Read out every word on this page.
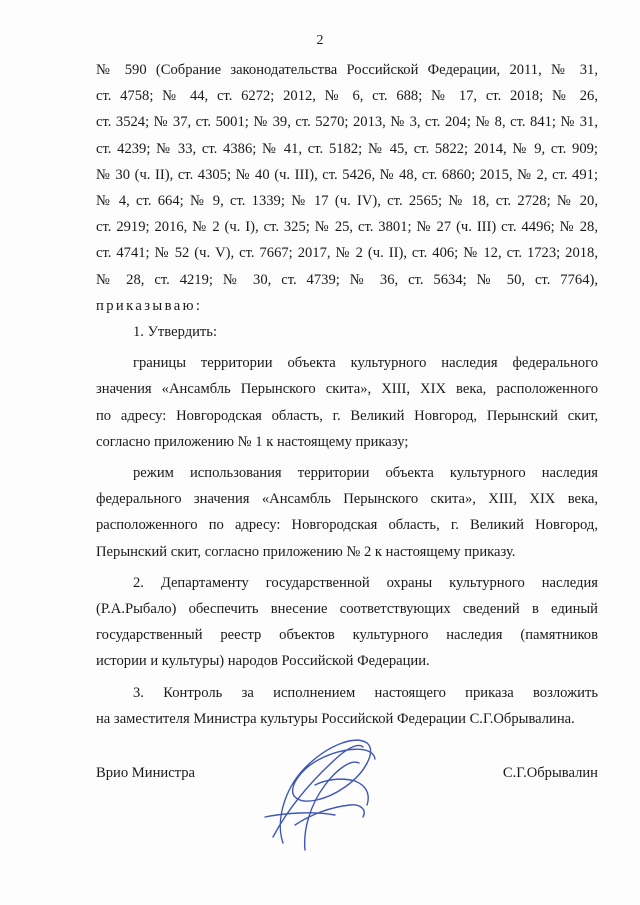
2

№ 590 (Собрание законодательства Российской Федерации, 2011, № 31,

ст. 4758; № 44, ст. 6272; 2012, № 6, ст. 688; № 17, ст. 2018; № 26,

ст. 3524; № 37, ст. 5001; № 39, ст. 5270; 2013, № 3, ст. 204; № 8, ст. 841; № 31,

ст. 4239; № 33, ст. 4386; № 41, ст. 5182; № 45, ст. 5822; 2014, № 9, ст. 909;

№ 30 (ч. II), ст. 4305; № 40 (ч. III), ст. 5426, № 48, ст. 6860; 2015, № 2, ст. 491;

№ 4, ст. 664; № 9, ст. 1339; № 17 (ч. IV), ст. 2565; № 18, ст. 2728; № 20,

ст. 2919; 2016, № 2 (ч. I), ст. 325; № 25, ст. 3801; № 27 (ч. III) ст. 4496; № 28,

ст. 4741; № 52 (ч. V), ст. 7667; 2017, № 2 (ч. II), ст. 406; № 12, ст. 1723; 2018,

№ 28, ст. 4219; № 30, ст. 4739; № 36, ст. 5634; № 50, ст. 7764),

приказываю:

1. Утвердить:

границы территории объекта культурного наследия федерального

значения «Ансамбль Перынского скита», XIII, XIX века, расположенного

по адресу: Новгородская область, г. Великий Новгород, Перынский скит,

согласно приложению № 1 к настоящему приказу;

режим использования территории объекта культурного наследия

федерального значения «Ансамбль Перынского скита», XIII, XIX века,

расположенного по адресу: Новгородская область, г. Великий Новгород,

Перынский скит, согласно приложению № 2 к настоящему приказу.

2. Департаменту государственной охраны культурного наследия

(Р.А.Рыбало) обеспечить внесение соответствующих сведений в единый

государственный реестр объектов культурного наследия (памятников

истории и культуры) народов Российской Федерации.

3. Контроль за исполнением настоящего приказа возложить

на заместителя Министра культуры Российской Федерации С.Г.Обрывалина.

Врио Министра	С.Г.Обрывалин
